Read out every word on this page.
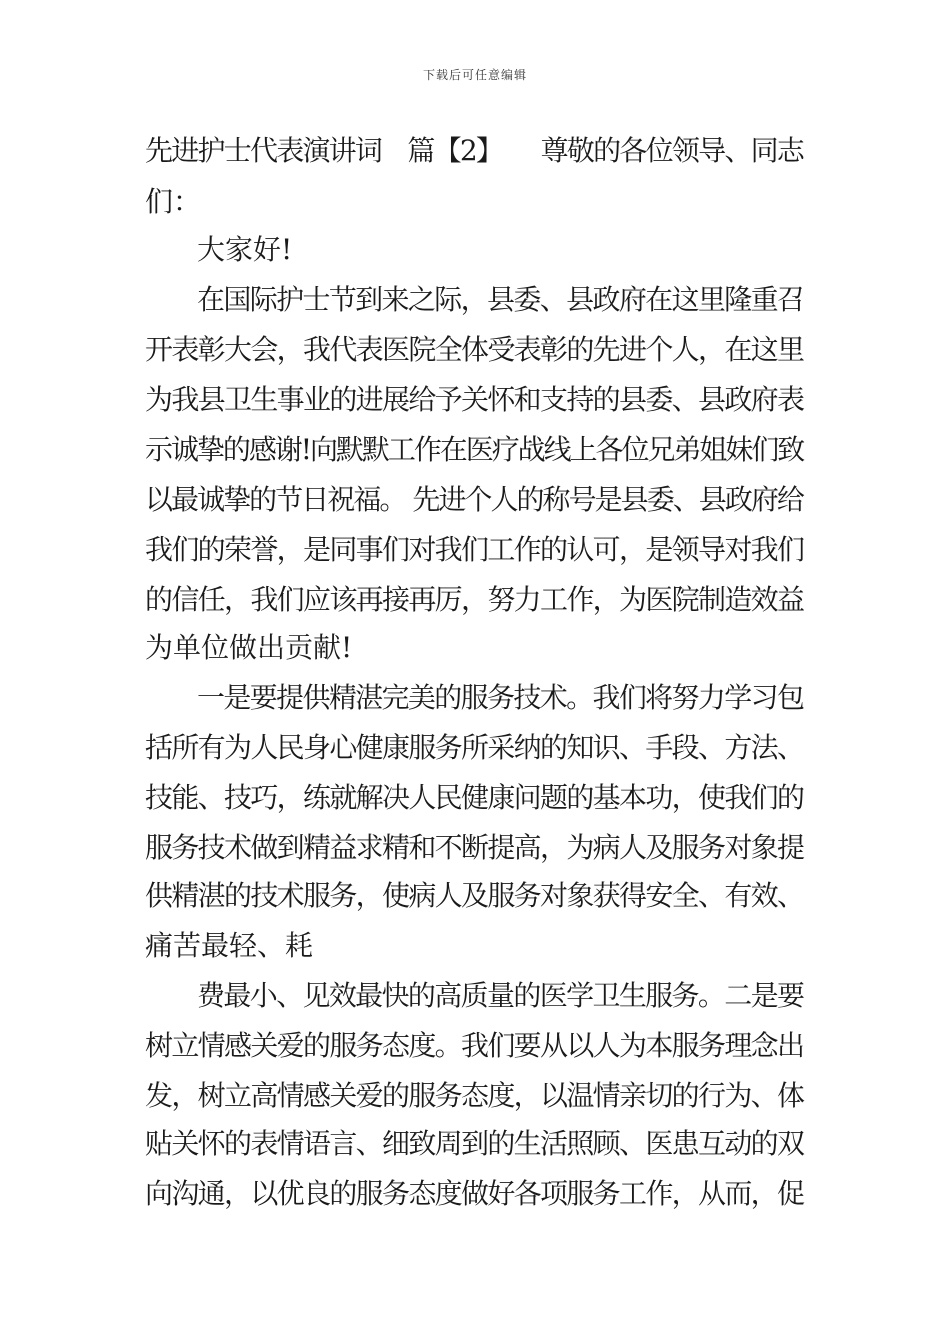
下载后可任意编辑
先进护士代表演讲词　篇【2】　　尊敬的各位领导、同志
们：
大家好!
在国际护士节到来之际，县委、县政府在这里隆重召
开表彰大会，我代表医院全体受表彰的先进个人，在这里
为我县卫生事业的进展给予关怀和支持的县委、县政府表
示诚挚的感谢!向默默工作在医疗战线上各位兄弟姐妹们致
以最诚挚的节日祝福。 先进个人的称号是县委、县政府给
我们的荣誉，是同事们对我们工作的认可，是领导对我们
的信任，我们应该再接再厉，努力工作，为医院制造效益
为单位做出贡献!
一是要提供精湛完美的服务技术。我们将努力学习包
括所有为人民身心健康服务所采纳的知识、手段、方法、
技能、技巧，练就解决人民健康问题的基本功，使我们的
服务技术做到精益求精和不断提高，为病人及服务对象提
供精湛的技术服务，使病人及服务对象获得安全、有效、
痛苦最轻、耗
费最小、见效最快的高质量的医学卫生服务。二是要
树立情感关爱的服务态度。我们要从以人为本服务理念出
发，树立高情感关爱的服务态度，以温情亲切的行为、体
贴关怀的表情语言、细致周到的生活照顾、医患互动的双
向沟通，以优良的服务态度做好各项服务工作，从而，促
